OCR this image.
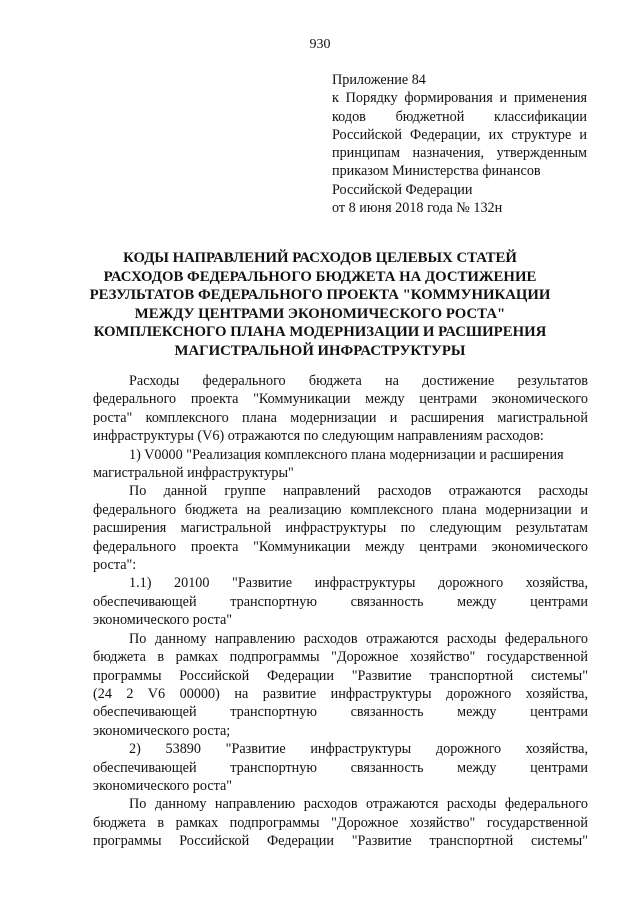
930
Приложение 84
к Порядку формирования и применения
кодов бюджетной классификации
Российской Федерации, их структуре и
принципам назначения, утвержденным
приказом Министерства финансов
Российской Федерации
от 8 июня 2018 года № 132н
КОДЫ НАПРАВЛЕНИЙ РАСХОДОВ ЦЕЛЕВЫХ СТАТЕЙ
РАСХОДОВ ФЕДЕРАЛЬНОГО БЮДЖЕТА НА ДОСТИЖЕНИЕ
РЕЗУЛЬТАТОВ ФЕДЕРАЛЬНОГО ПРОЕКТА "КОММУНИКАЦИИ
МЕЖДУ ЦЕНТРАМИ ЭКОНОМИЧЕСКОГО РОСТА"
КОМПЛЕКСНОГО ПЛАНА МОДЕРНИЗАЦИИ И РАСШИРЕНИЯ
МАГИСТРАЛЬНОЙ ИНФРАСТРУКТУРЫ

Расходы федерального бюджета на достижение результатов
федерального проекта "Коммуникации между центрами экономического
роста" комплексного плана модернизации и расширения магистральной
инфраструктуры (V6) отражаются по следующим направлениям расходов:

1) V0000 "Реализация комплексного плана модернизации и расширения
магистральной инфраструктуры"

По данной группе направлений расходов отражаются расходы
федерального бюджета на реализацию комплексного плана модернизации и
расширения магистральной инфраструктуры по следующим результатам
федерального проекта "Коммуникации между центрами экономического
роста":

1.1) 20100 "Развитие инфраструктуры дорожного хозяйства,
обеспечивающей транспортную связанность между центрами
экономического роста"

По данному направлению расходов отражаются расходы федерального
бюджета в рамках подпрограммы "Дорожное хозяйство" государственной
программы Российской Федерации "Развитие транспортной системы"
(24 2 V6 00000) на развитие инфраструктуры дорожного хозяйства,
обеспечивающей транспортную связанность между центрами
экономического роста;

2) 53890 "Развитие инфраструктуры дорожного хозяйства,
обеспечивающей транспортную связанность между центрами
экономического роста"

По данному направлению расходов отражаются расходы федерального
бюджета в рамках подпрограммы "Дорожное хозяйство" государственной
программы Российской Федерации "Развитие транспортной системы"
